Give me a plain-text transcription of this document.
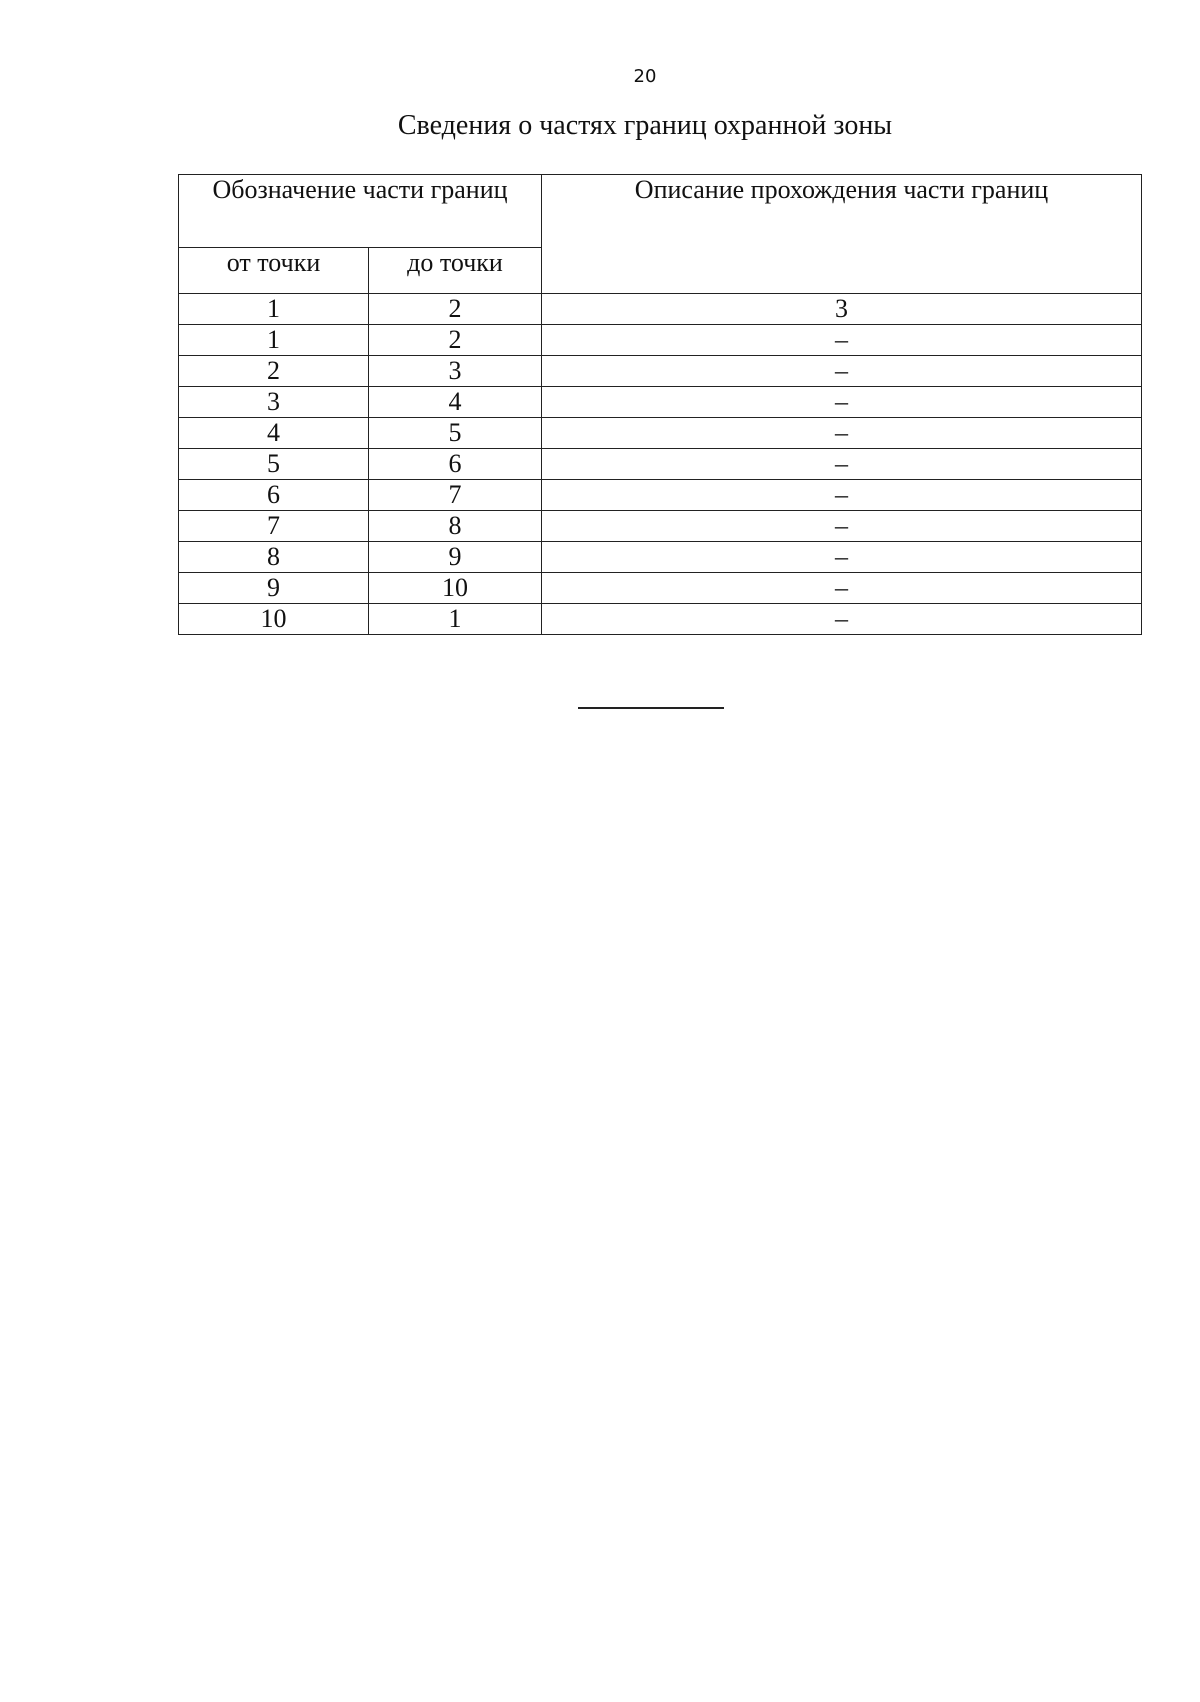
20
Сведения о частях границ охранной зоны
Обозначение части границ		Описание прохождения части границ
от точки	до точки	
1	2	3
1	2	–
2	3	–
3	4	–
4	5	–
5	6	–
6	7	–
7	8	–
8	9	–
9	10	–
10	1	–
